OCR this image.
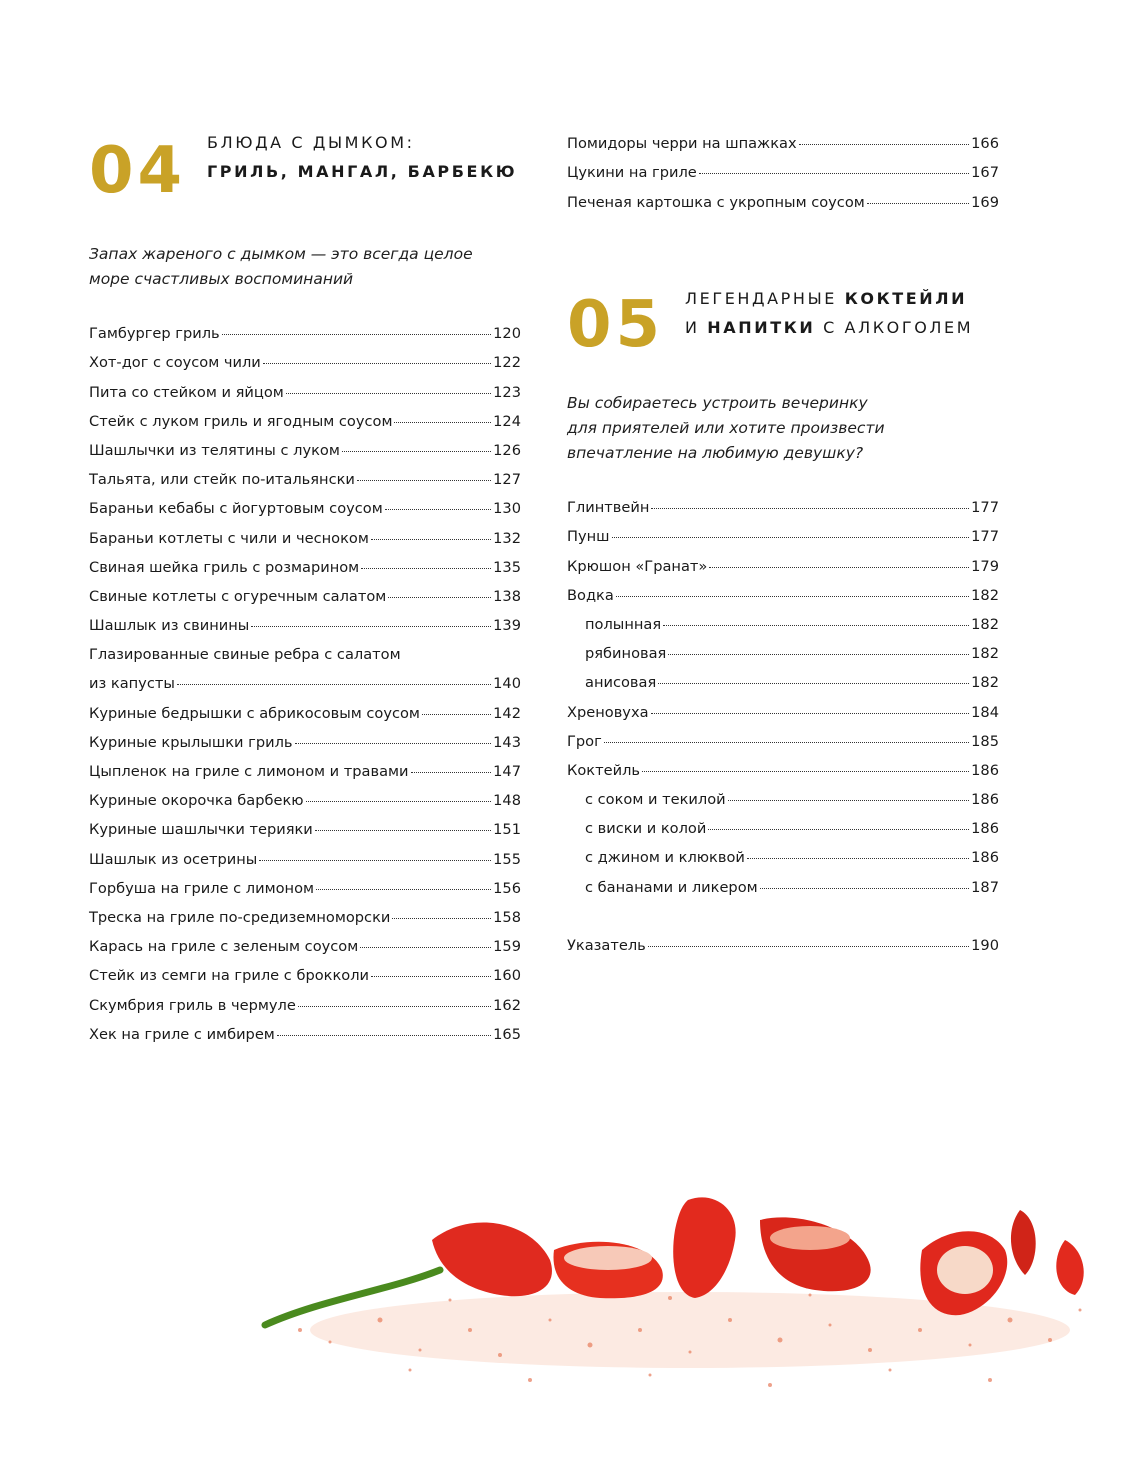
04 БЛЮДА С ДЫМКОМ:
ГРИЛЬ, МАНГАЛ, БАРБЕКЮ
Запах жареного с дымком — это всегда целое
море счастливых воспоминаний
Гамбургер гриль	120
Хот-дог с соусом чили	122
Пита со стейком и яйцом	123
Стейк с луком гриль и ягодным соусом	124
Шашлычки из телятины с луком	126
Тальята, или стейк по-итальянски	127
Бараньи кебабы с йогуртовым соусом	130
Бараньи котлеты с чили и чесноком	132
Свиная шейка гриль с розмарином	135
Свиные котлеты с огуречным салатом	138
Шашлык из свинины	139
Глазированные свиные ребра с салатом
из капусты	140
Куриные бедрышки с абрикосовым соусом	142
Куриные крылышки гриль	143
Цыпленок на гриле с лимоном и травами	147
Куриные окорочка барбекю	148
Куриные шашлычки терияки	151
Шашлык из осетрины	155
Горбуша на гриле с лимоном	156
Треска на гриле по-средиземноморски	158
Карась на гриле с зеленым соусом	159
Стейк из семги на гриле с брокколи	160
Скумбрия гриль в чермуле	162
Хек на гриле с имбирем	165
Помидоры черри на шпажках	166
Цукини на гриле	167
Печеная картошка с укропным соусом	169
05 ЛЕГЕНДАРНЫЕ КОКТЕЙЛИ
И НАПИТКИ С АЛКОГОЛЕМ
Вы собираетесь устроить вечеринку
для приятелей или хотите произвести
впечатление на любимую девушку?
Глинтвейн	177
Пунш	177
Крюшон «Гранат»	179
Водка	182
полынная	182
рябиновая	182
анисовая	182
Хреновуха	184
Грог	185
Коктейль	186
с соком и текилой	186
с виски и колой	186
с джином и клюквой	186
с бананами и ликером	187
Указатель	190
